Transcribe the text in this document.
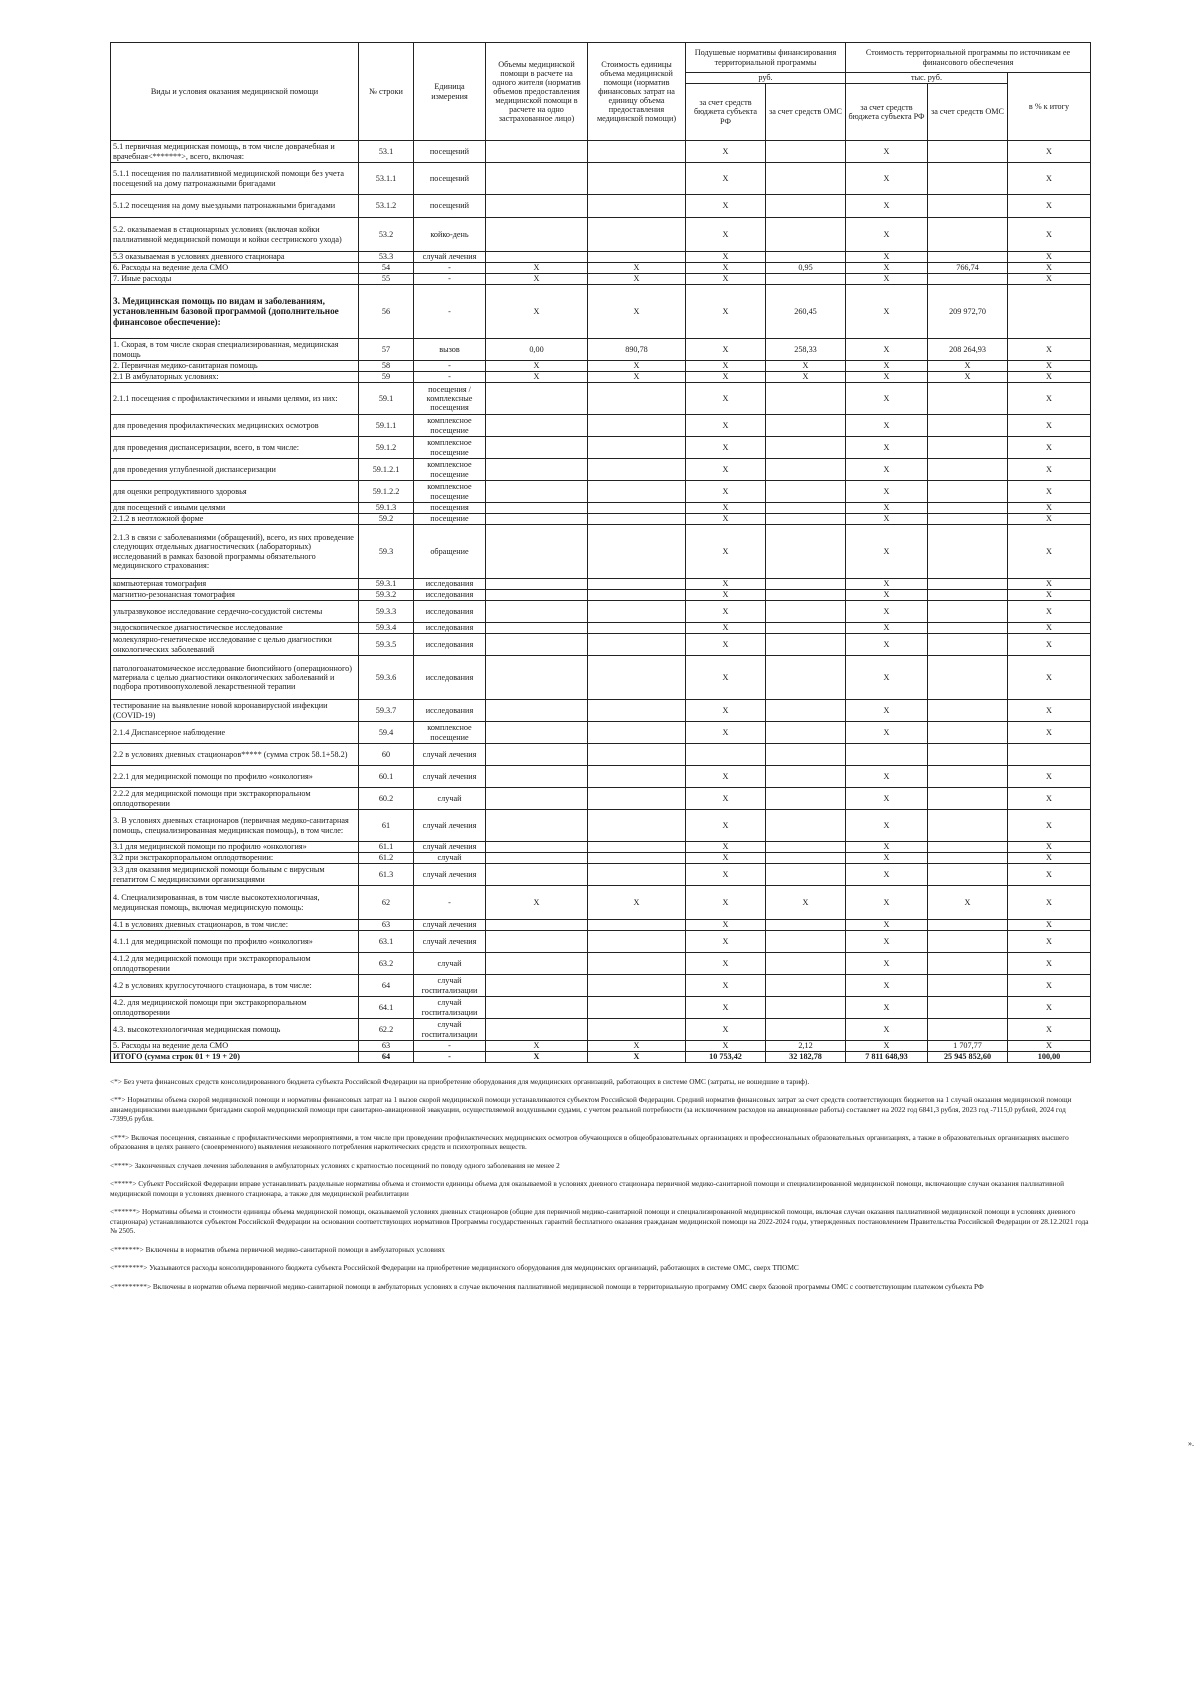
Виды и условия оказания медицинской помощи	№ строки	Единица измерения	Объемы медицинской помощи в расчете на одного жителя (норматив объемов предоставления медицинской помощи в расчете на одно застрахованное лицо)	Стоимость единицы объема медицинской помощи (норматив финансовых затрат на единицу объема предоставления медицинской помощи)	Подушевые нормативы финансирования территориальной программы		Стоимость территориальной программы по источникам ее финансового обеспечения		
					руб.		тыс. руб.		в % к итогу
					за счет средств бюджета субъекта РФ	за счет средств ОМС	за счет средств бюджета субъекта РФ	за счет средств ОМС	
5.1 первичная медицинская помощь, в том числе доврачебная и врачебная<*******>, всего, включая:	53.1	посещений			X		X		X
5.1.1 посещения по паллиативной медицинской помощи без учета посещений на дому патронажными бригадами	53.1.1	посещений			X		X		X
5.1.2 посещения на дому выездными патронажными бригадами	53.1.2	посещений			X		X		X
5.2. оказываемая в стационарных условиях (включая койки паллиативной медицинской помощи и койки сестринского ухода)	53.2	койко-день			X		X		X
5.3 оказываемая в условиях дневного стационара	53.3	случай лечения			X		X		X
6. Расходы на ведение дела СМО	54	-	X	X	X	0,95	X	766,74	X
7. Иные расходы	55	-	X	X	X		X		X
3. Медицинская помощь по видам и заболеваниям, установленным базовой программой (дополнительное финансовое обеспечение):	56	-	X	X	X	260,45	X	209 972,70	
1. Скорая, в том числе скорая специализированная, медицинская помощь	57	вызов	0,00	890,78	X	258,33	X	208 264,93	X
2. Первичная медико-санитарная помощь	58	-	X	X	X	X	X	X	X
2.1 В амбулаторных условиях:	59	-	X	X	X	X	X	X	X
2.1.1 посещения с профилактическими и иными целями, из них:	59.1	посещения / комплексные посещения			X		X		X
для проведения профилактических медицинских осмотров	59.1.1	комплексное посещение			X		X		X
для проведения диспансеризации, всего, в том числе:	59.1.2	комплексное посещение			X		X		X
для проведения углубленной диспансеризации	59.1.2.1	комплексное посещение			X		X		X
для оценки репродуктивного здоровья	59.1.2.2	комплексное посещение			X		X		X
для посещений с иными целями	59.1.3	посещения			X		X		X
2.1.2 в неотложной форме	59.2	посещение			X		X		X
2.1.3 в связи с заболеваниями (обращений), всего, из них проведение следующих отдельных диагностических (лабораторных) исследований в рамках базовой программы обязательного медицинского страхования:	59.3	обращение			X		X		X
компьютерная томография	59.3.1	исследования			X		X		X
магнитно-резонансная томография	59.3.2	исследования			X		X		X
ультразвуковое исследование сердечно-сосудистой системы	59.3.3	исследования			X		X		X
эндоскопическое диагностическое исследование	59.3.4	исследования			X		X		X
молекулярно-генетическое исследование с целью диагностики онкологических заболеваний	59.3.5	исследования			X		X		X
патологоанатомическое исследование биопсийного (операционного) материала с целью диагностики онкологических заболеваний и подбора противоопухолевой лекарственной терапии	59.3.6	исследования			X		X		X
тестирование на выявление новой коронавирусной инфекции (COVID-19)	59.3.7	исследования			X		X		X
2.1.4 Диспансерное наблюдение	59.4	комплексное посещение			X		X		X
2.2 в условиях дневных стационаров***** (сумма строк 58.1+58.2)	60	случай лечения							
2.2.1 для медицинской помощи по профилю «онкология»	60.1	случай лечения			X		X		X
2.2.2 для медицинской помощи при экстракорпоральном оплодотворении	60.2	случай			X		X		X
3. В условиях дневных стационаров (первичная медико-санитарная помощь, специализированная медицинская помощь), в том числе:	61	случай лечения			X		X		X
3.1 для медицинской помощи по профилю «онкология»	61.1	случай лечения			X		X		X
3.2 при экстракорпоральном оплодотворении:	61.2	случай			X		X		X
3.3 для оказания медицинской помощи больным с вирусным гепатитом С медицинскими организациями	61.3	случай лечения			X		X		X
4. Специализированная, в том числе высокотехнологичная, медицинская помощь, включая медицинскую помощь:	62	-	X	X	X	X	X	X	X
4.1 в условиях дневных стационаров, в том числе:	63	случай лечения			X		X		X
4.1.1 для медицинской помощи по профилю «онкология»	63.1	случай лечения			X		X		X
4.1.2 для медицинской помощи при экстракорпоральном оплодотворении	63.2	случай			X		X		X
4.2 в условиях круглосуточного стационара, в том числе:	64	случай госпитализации			X		X		X
4.2. для медицинской помощи при экстракорпоральном оплодотворении	64.1	случай госпитализации			X		X		X
4.3. высокотехнологичная медицинская помощь	62.2	случай госпитализации			X		X		X
5. Расходы на ведение дела СМО	63	-	X	X	X	2,12	X	1 707,77	X
ИТОГО (сумма строк 01 + 19 + 20)	64	-	X	X	10 753,42	32 182,78	7 811 648,93	25 945 852,60	100,00

<*> Без учета финансовых средств консолидированного бюджета субъекта Российской Федерации на приобретение оборудования для медицинских организаций, работающих в системе ОМС (затраты, не вошедшие в тариф).

<**> Нормативы объема скорой медицинской помощи и нормативы финансовых затрат на 1 вызов скорой медицинской помощи устанавливаются субъектом Российской Федерации. Средний норматив финансовых затрат за счет средств соответствующих бюджетов на 1 случай оказания медицинской помощи авиамедицинскими выездными бригадами скорой медицинской помощи при санитарно-авиационной эвакуации, осуществляемой воздушными судами, с учетом реальной потребности (за исключением расходов на авиационные работы) составляет на 2022 год 6841,3 рубля, 2023 год -7115,0 рублей, 2024 год -7399,6 рубля.

<***> Включая посещения, связанные с профилактическими мероприятиями, в том числе при проведении профилактических медицинских осмотров обучающихся в общеобразовательных организациях и профессиональных образовательных организациях, а также в образовательных организациях высшего образования в целях раннего (своевременного) выявления незаконного потребления наркотических средств и психотропных веществ.

<****> Законченных случаев лечения заболевания в амбулаторных условиях с кратностью посещений по поводу одного заболевания не менее 2

<*****> Субъект Российской Федерации вправе устанавливать раздельные нормативы объема и стоимости единицы объема для оказываемой в условиях дневного стационара первичной медико-санитарной помощи и специализированной медицинской помощи, включающие случаи оказания паллиативной медицинской помощи в условиях дневного стационара, а также для медицинской реабилитации

<******> Нормативы объема и стоимости единицы объема медицинской помощи, оказываемой условиях дневных стационаров (общие для первичной медико-санитарной помощи и специализированной медицинской помощи, включая случаи оказания паллиативной медицинской помощи в условиях дневного стационара) устанавливаются субъектом Российской Федерации на основании соответствующих нормативов Программы государственных гарантий бесплатного оказания гражданам медицинской помощи на 2022-2024 годы, утвержденных постановлением Правительства Российской Федерации от 28.12.2021 года № 2505.

<*******> Включены в норматив объема первичной медико-санитарной помощи в амбулаторных условиях

<********> Указываются расходы консолидированного бюджета субъекта Российской Федерации на приобретение медицинского оборудования для медицинских организаций, работающих в системе ОМС, сверх ТПОМС

<*********> Включены в норматив объема первичной медико-санитарной помощи в амбулаторных условиях в случае включения паллиативной медицинской помощи в территориальную программу ОМС сверх базовой программы ОМС с соответствующим платежом субъекта РФ

».
